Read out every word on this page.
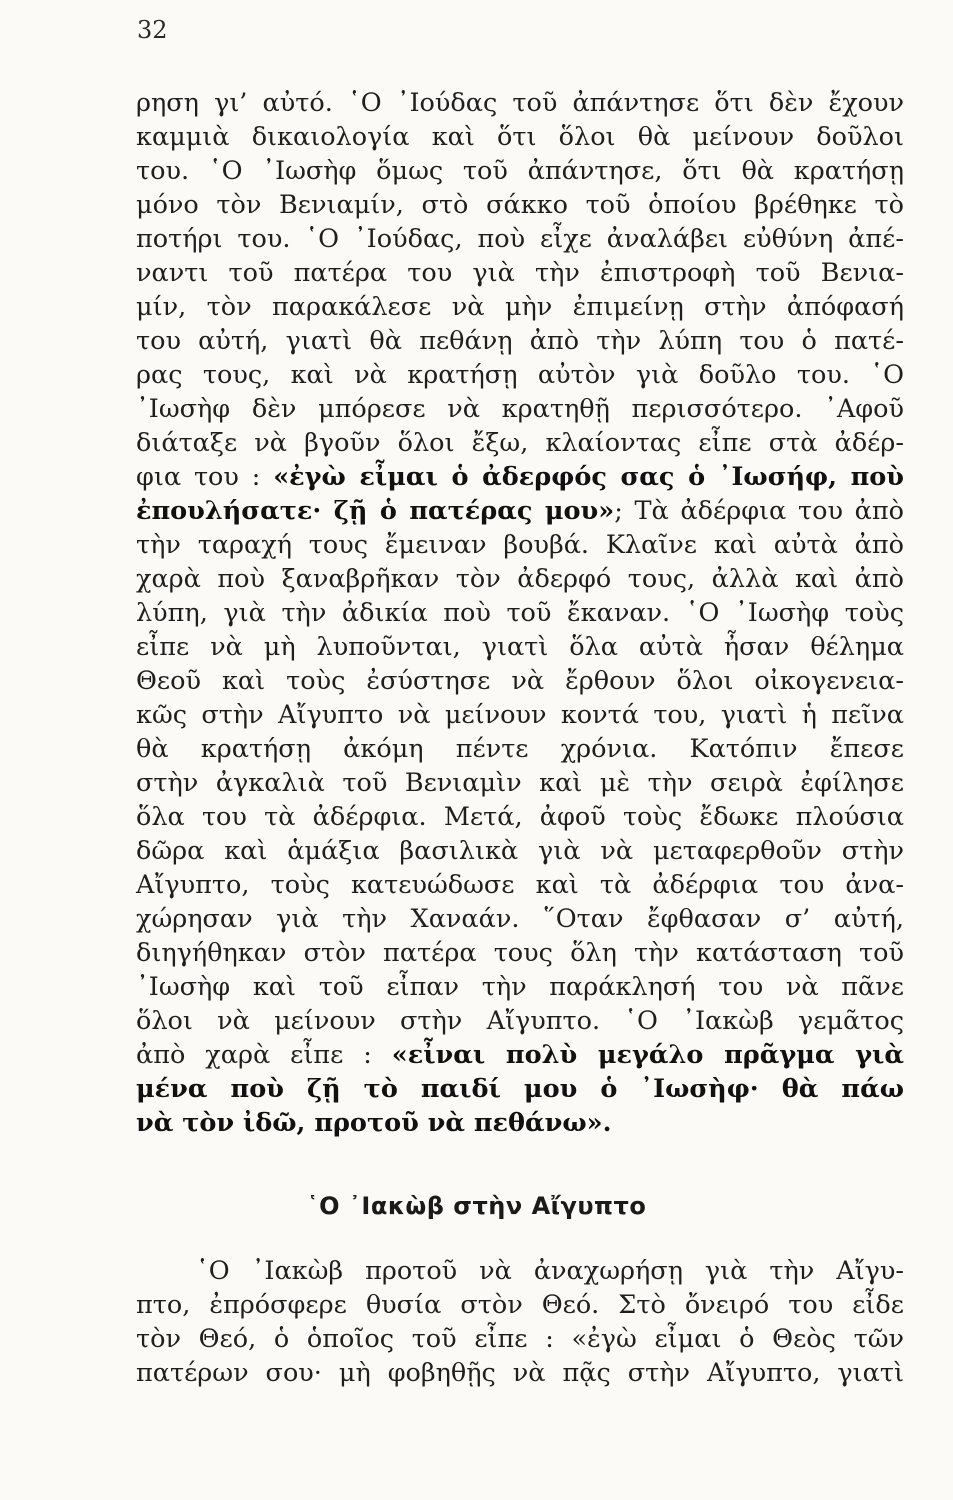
32
ρηση γι’ αὐτό. ῾Ο ᾿Ιούδας τοῦ ἀπάντησε ὅτι δὲν ἔχουν
καμμιὰ δικαιολογία καὶ ὅτι ὅλοι θὰ μείνουν δοῦλοι
του. ῾Ο ᾿Ιωσὴφ ὅμως τοῦ ἀπάντησε, ὅτι θὰ κρατήσῃ
μόνο τὸν Βενιαμίν, στὸ σάκκο τοῦ ὁποίου βρέθηκε τὸ
ποτήρι του. ῾Ο ᾿Ιούδας, ποὺ εἶχε ἀναλάβει εὐθύνη ἀπέ-
ναντι τοῦ πατέρα του γιὰ τὴν ἐπιστροφὴ τοῦ Βενια-
μίν, τὸν παρακάλεσε νὰ μὴν ἐπιμείνῃ στὴν ἀπόφασή
του αὐτή, γιατὶ θὰ πεθάνῃ ἀπὸ τὴν λύπη του ὁ πατέ-
ρας τους, καὶ νὰ κρατήσῃ αὐτὸν γιὰ δοῦλο του. ῾Ο
᾿Ιωσὴφ δὲν μπόρεσε νὰ κρατηθῇ περισσότερο. ᾿Αφοῦ
διάταξε νὰ βγοῦν ὅλοι ἔξω, κλαίοντας εἶπε στὰ ἀδέρ-
φια του : «ἐγὼ εἶμαι ὁ ἀδερφός σας ὁ ᾿Ιωσήφ, ποὺ
ἐπουλήσατε· ζῇ ὁ πατέρας μου»; Τὰ ἀδέρφια του ἀπὸ
τὴν ταραχή τους ἔμειναν βουβά. Κλαῖνε καὶ αὐτὰ ἀπὸ
χαρὰ ποὺ ξαναβρῆκαν τὸν ἀδερφό τους, ἀλλὰ καὶ ἀπὸ
λύπη, γιὰ τὴν ἀδικία ποὺ τοῦ ἔκαναν. ῾Ο ᾿Ιωσὴφ τοὺς
εἶπε νὰ μὴ λυποῦνται, γιατὶ ὅλα αὐτὰ ἦσαν θέλημα
Θεοῦ καὶ τοὺς ἐσύστησε νὰ ἔρθουν ὅλοι οἰκογενεια-
κῶς στὴν Αἴγυπτο νὰ μείνουν κοντά του, γιατὶ ἡ πεῖνα
θὰ κρατήσῃ ἀκόμη πέντε χρόνια. Κατόπιν ἔπεσε
στὴν ἀγκαλιὰ τοῦ Βενιαμὶν καὶ μὲ τὴν σειρὰ ἐφίλησε
ὅλα του τὰ ἀδέρφια. Μετά, ἀφοῦ τοὺς ἔδωκε πλούσια
δῶρα καὶ ἁμάξια βασιλικὰ γιὰ νὰ μεταφερθοῦν στὴν
Αἴγυπτο, τοὺς κατευώδωσε καὶ τὰ ἀδέρφια του ἀνα-
χώρησαν γιὰ τὴν Χαναάν. ῞Οταν ἔφθασαν σ’ αὐτή,
διηγήθηκαν στὸν πατέρα τους ὅλη τὴν κατάσταση τοῦ
᾿Ιωσὴφ καὶ τοῦ εἶπαν τὴν παράκλησή του νὰ πᾶνε
ὅλοι νὰ μείνουν στὴν Αἴγυπτο. ῾Ο ᾿Ιακὼβ γεμᾶτος
ἀπὸ χαρὰ εἶπε : «εἶναι πολὺ μεγάλο πρᾶγμα γιὰ
μένα ποὺ ζῇ τὸ παιδί μου ὁ ᾿Ιωσὴφ· θὰ πάω
νὰ τὸν ἰδῶ, προτοῦ νὰ πεθάνω».
῾Ο ᾿Ιακὼβ στὴν Αἴγυπτο
῾Ο ᾿Ιακὼβ προτοῦ νὰ ἀναχωρήσῃ γιὰ τὴν Αἴγυ-
πτο, ἐπρόσφερε θυσία στὸν Θεό. Στὸ ὄνειρό του εἶδε
τὸν Θεό, ὁ ὁποῖος τοῦ εἶπε : «ἐγὼ εἶμαι ὁ Θεὸς τῶν
πατέρων σου· μὴ φοβηθῇς νὰ πᾷς στὴν Αἴγυπτο, γιατὶ
